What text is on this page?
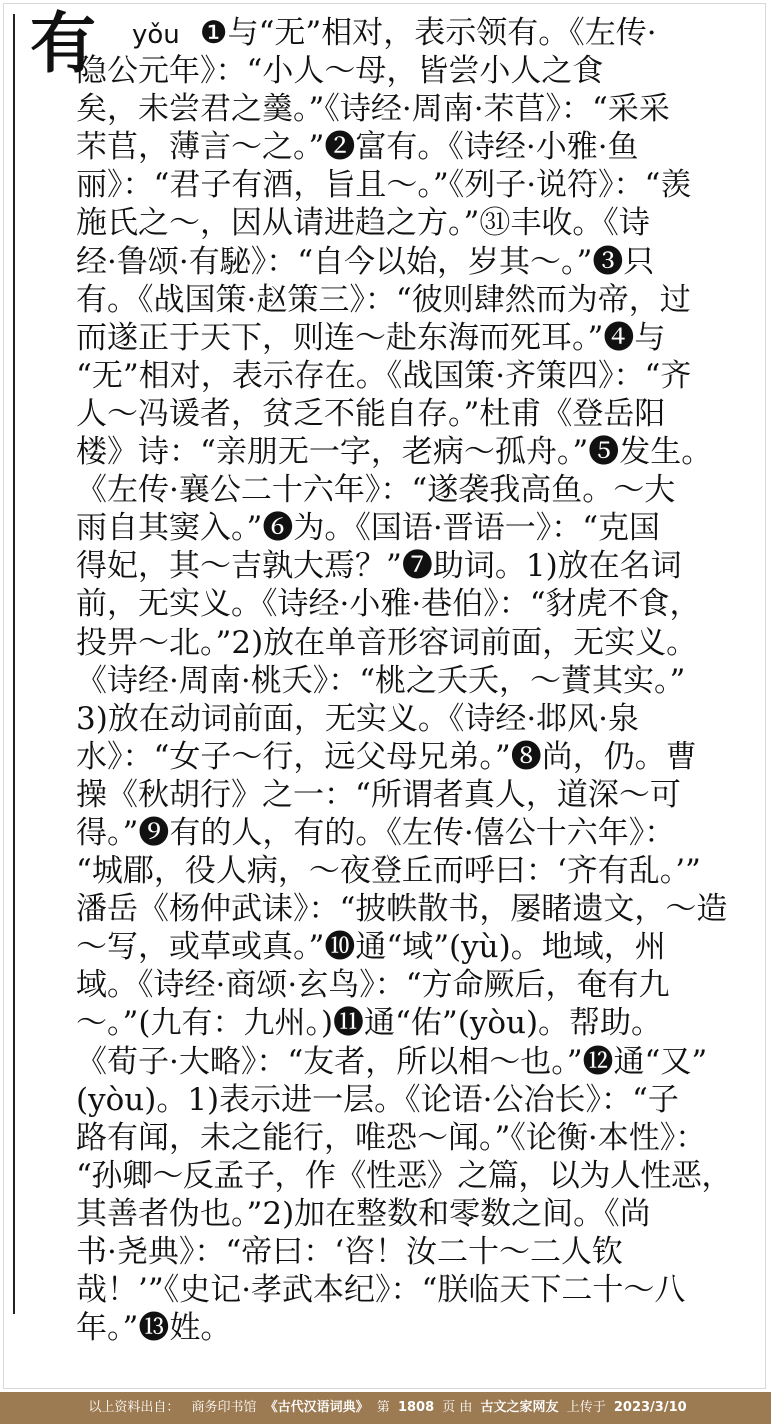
有	yǒu ❶与“无”相对，表示领有。《左传·
隐公元年》：“小人～母，皆尝小人之食
矣，未尝君之羹。”《诗经·周南·芣苢》：“采采
芣苢，薄言～之。”❷富有。《诗经·小雅·鱼
丽》：“君子有酒，旨且～。”《列子·说符》：“羡
施氏之～，因从请进趋之方。”㉛丰收。《诗
经·鲁颂·有駜》：“自今以始，岁其～。”❸只
有。《战国策·赵策三》：“彼则肆然而为帝，过
而遂正于天下，则连～赴东海而死耳。”❹与
“无”相对，表示存在。《战国策·齐策四》：“齐
人～冯谖者，贫乏不能自存。”杜甫《登岳阳
楼》诗：“亲朋无一字，老病～孤舟。”❺发生。
《左传·襄公二十六年》：“遂袭我高鱼。～大
雨自其窦入。”❻为。《国语·晋语一》：“克国
得妃，其～吉孰大焉？”❼助词。1)放在名词
前，无实义。《诗经·小雅·巷伯》：“豺虎不食，
投畀～北。”2)放在单音形容词前面，无实义。
《诗经·周南·桃夭》：“桃之夭夭，～蕡其实。”
3)放在动词前面，无实义。《诗经·邶风·泉
水》：“女子～行，远父母兄弟。”❽尚，仍。曹
操《秋胡行》之一：“所谓者真人，道深～可
得。”❾有的人，有的。《左传·僖公十六年》：
“城郿，役人病，～夜登丘而呼曰：‘齐有乱。’”
潘岳《杨仲武诔》：“披帙散书，屡睹遗文，～造
～写，或草或真。”❿通“域”(yù)。地域，州
域。《诗经·商颂·玄鸟》：“方命厥后，奄有九
～。”(九有：九州。)⓫通“佑”(yòu)。帮助。
《荀子·大略》：“友者，所以相～也。”⓬通“又”
(yòu)。1)表示进一层。《论语·公冶长》：“子
路有闻，未之能行，唯恐～闻。”《论衡·本性》：
“孙卿～反孟子，作《性恶》之篇，以为人性恶，
其善者伪也。”2)加在整数和零数之间。《尚
书·尧典》：“帝曰：‘咨！汝二十～二人钦
哉！’”《史记·孝武本纪》：“朕临天下二十～八
年。”⓭姓。
以上资料出自： 商务印书馆 《古代汉语词典》 第 1808 页 由 古文之家网友 上传于 2023/3/10
